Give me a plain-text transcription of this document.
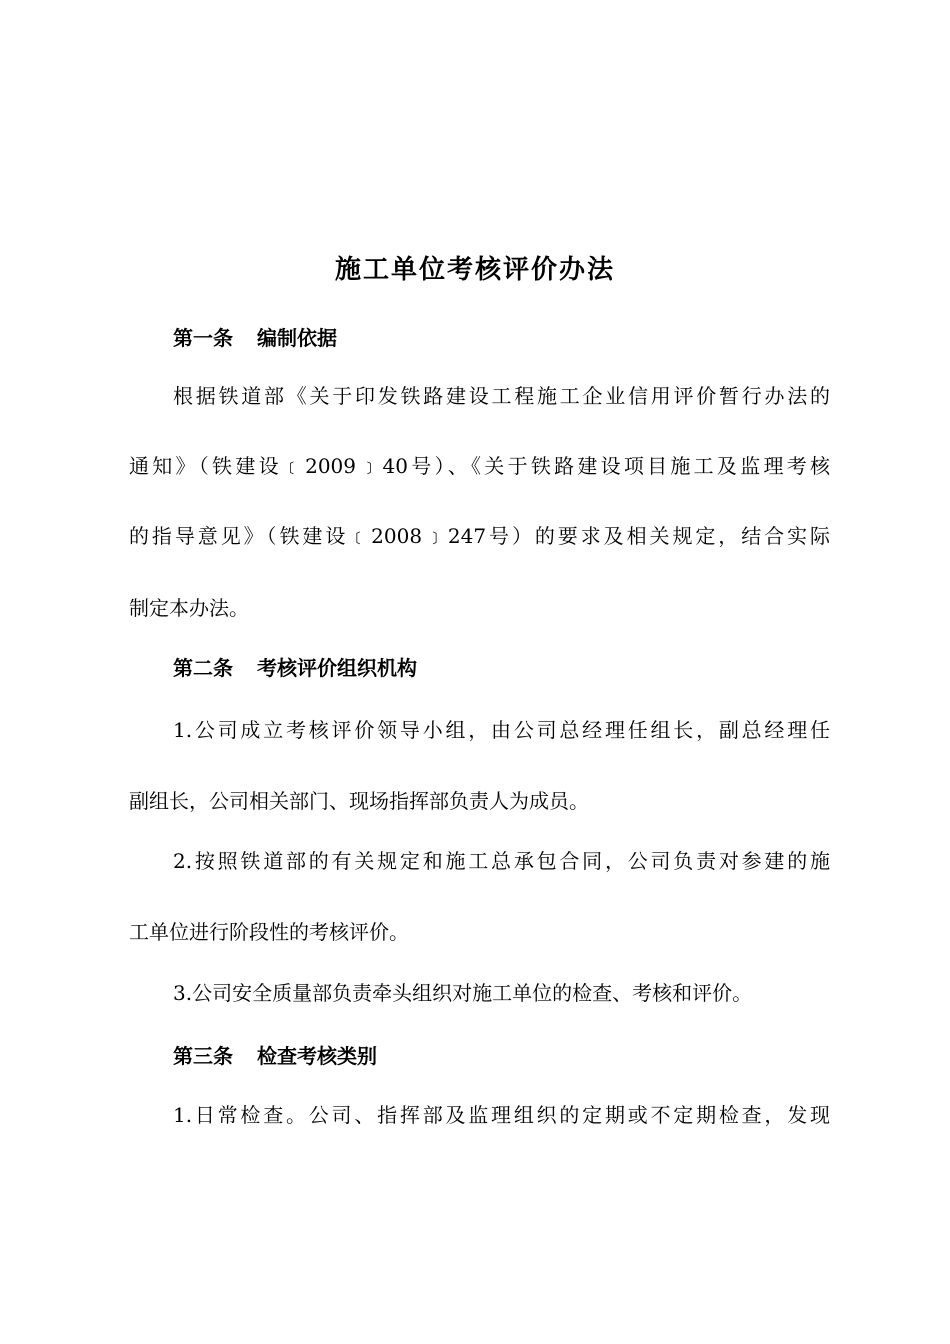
施工单位考核评价办法
第一条 编制依据
根据铁道部《关于印发铁路建设工程施工企业信用评价暂行办法的
通知》（铁建设﹝2009﹞40号）、《关于铁路建设项目施工及监理考核
的指导意见》（铁建设﹝2008﹞247号）的要求及相关规定，结合实际
制定本办法。
第二条 考核评价组织机构
1.公司成立考核评价领导小组，由公司总经理任组长，副总经理任
副组长，公司相关部门、现场指挥部负责人为成员。
2.按照铁道部的有关规定和施工总承包合同，公司负责对参建的施
工单位进行阶段性的考核评价。
3.公司安全质量部负责牵头组织对施工单位的检查、考核和评价。
第三条 检查考核类别
1.日常检查。公司、指挥部及监理组织的定期或不定期检查，发现
